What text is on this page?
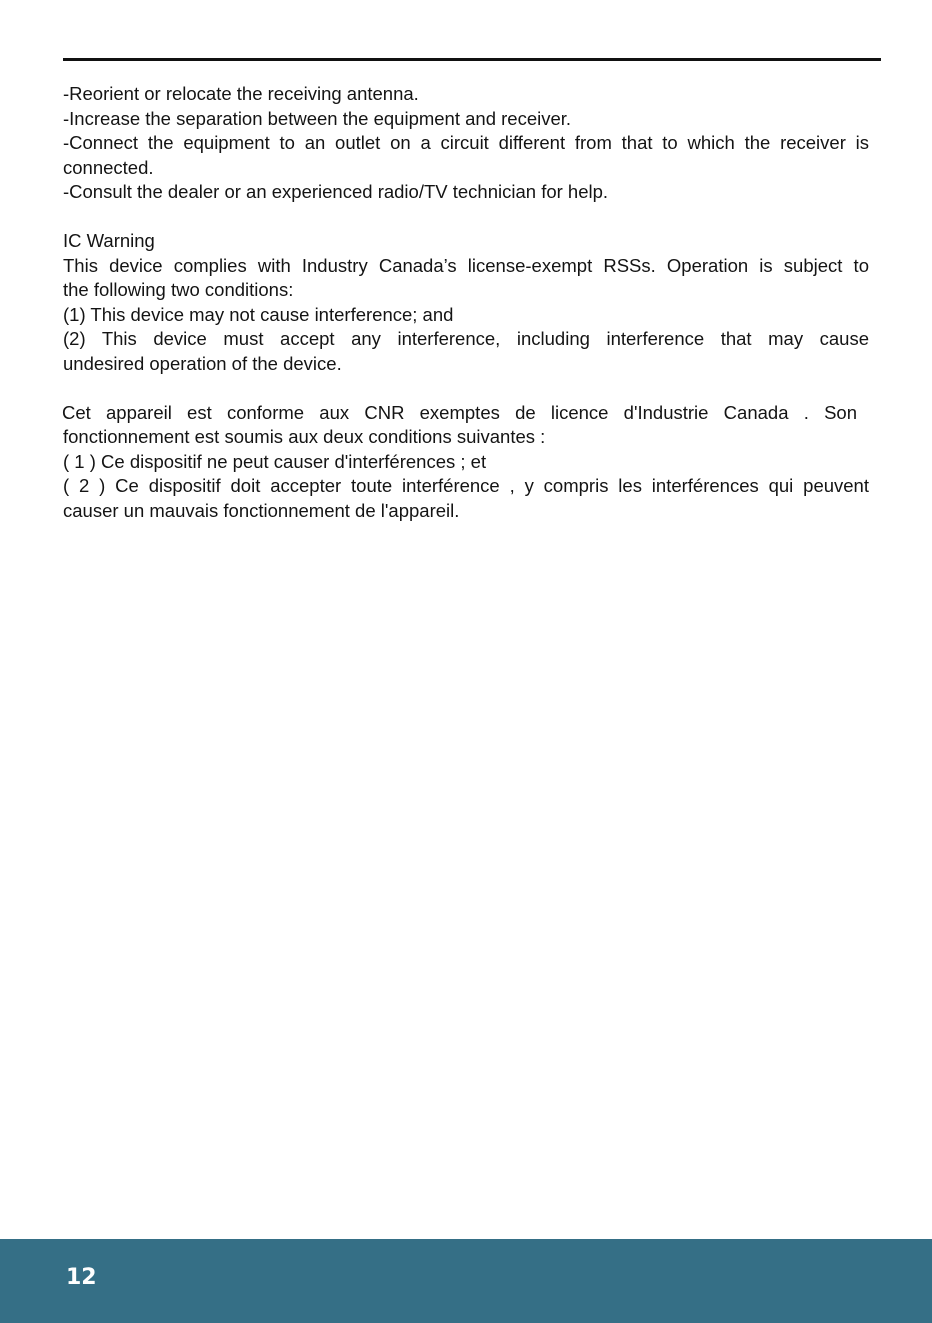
-Reorient or relocate the receiving antenna.
-Increase the separation between the equipment and receiver.
-Connect the equipment to an outlet on a circuit different from that to which the receiver is
connected.
-Consult the dealer or an experienced radio/TV technician for help.
IC Warning
This device complies with Industry Canada’s license-exempt RSSs. Operation is subject to
the following two conditions:
(1) This device may not cause interference; and
(2) This device must accept any interference, including interference that may cause
undesired operation of the device.
Cet appareil est conforme aux CNR exemptes de licence d'Industrie Canada . Son
fonctionnement est soumis aux deux conditions suivantes :
( 1 ) Ce dispositif ne peut causer d'interférences ; et
( 2 ) Ce dispositif doit accepter toute interférence , y compris les interférences qui peuvent
causer un mauvais fonctionnement de l'appareil.
12
